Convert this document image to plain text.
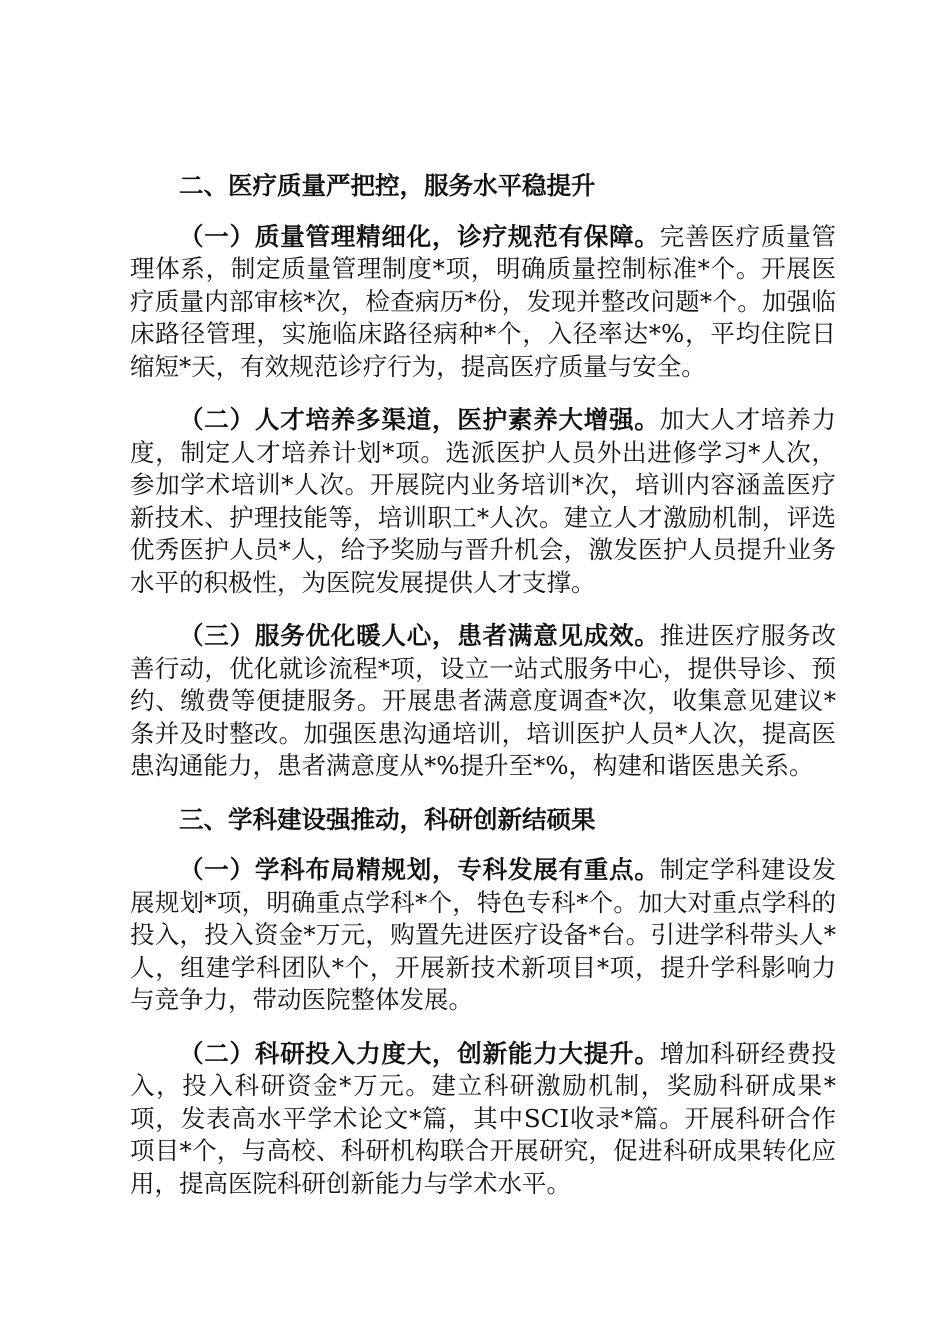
二、医疗质量严把控，服务水平稳提升

（一）质量管理精细化，诊疗规范有保障。完善医疗质量管理体系，制定质量管理制度*项，明确质量控制标准*个。开展医疗质量内部审核*次，检查病历*份，发现并整改问题*个。加强临床路径管理，实施临床路径病种*个，入径率达*%，平均住院日缩短*天，有效规范诊疗行为，提高医疗质量与安全。

（二）人才培养多渠道，医护素养大增强。加大人才培养力度，制定人才培养计划*项。选派医护人员外出进修学习*人次，参加学术培训*人次。开展院内业务培训*次，培训内容涵盖医疗新技术、护理技能等，培训职工*人次。建立人才激励机制，评选优秀医护人员*人，给予奖励与晋升机会，激发医护人员提升业务水平的积极性，为医院发展提供人才支撑。

（三）服务优化暖人心，患者满意见成效。推进医疗服务改善行动，优化就诊流程*项，设立一站式服务中心，提供导诊、预约、缴费等便捷服务。开展患者满意度调查*次，收集意见建议*条并及时整改。加强医患沟通培训，培训医护人员*人次，提高医患沟通能力，患者满意度从*%提升至*%，构建和谐医患关系。

三、学科建设强推动，科研创新结硕果

（一）学科布局精规划，专科发展有重点。制定学科建设发展规划*项，明确重点学科*个，特色专科*个。加大对重点学科的投入，投入资金*万元，购置先进医疗设备*台。引进学科带头人*人，组建学科团队*个，开展新技术新项目*项，提升学科影响力与竞争力，带动医院整体发展。

（二）科研投入力度大，创新能力大提升。增加科研经费投入，投入科研资金*万元。建立科研激励机制，奖励科研成果*项，发表高水平学术论文*篇，其中SCI收录*篇。开展科研合作项目*个，与高校、科研机构联合开展研究，促进科研成果转化应用，提高医院科研创新能力与学术水平。
